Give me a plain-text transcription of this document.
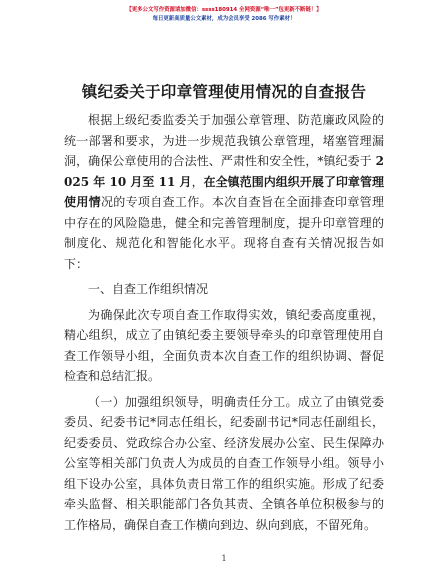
【更多公文写作资源请加微信：ssss180914 全网资源“唯一”包更新不断链！】
每日更新高质量公文素材，成为会员享受 2086 写作素材！
镇纪委关于印章管理使用情况的自查报告

根据上级纪委监委关于加强公章管理、防范廉政风险的统一部署和要求，为进一步规范我镇公章管理，堵塞管理漏洞，确保公章使用的合法性、严肃性和安全性，*镇纪委于 2025 年 10 月至 11 月，在全镇范围内组织开展了印章管理使用情况的专项自查工作。本次自查旨在全面排查印章管理中存在的风险隐患，健全和完善管理制度，提升印章管理的制度化、规范化和智能化水平。现将自查有关情况报告如下：

一、自查工作组织情况

为确保此次专项自查工作取得实效，镇纪委高度重视，精心组织，成立了由镇纪委主要领导牵头的印章管理使用自查工作领导小组，全面负责本次自查工作的组织协调、督促检查和总结汇报。

（一）加强组织领导，明确责任分工。成立了由镇党委委员、纪委书记*同志任组长，纪委副书记*同志任副组长，纪委委员、党政综合办公室、经济发展办公室、民生保障办公室等相关部门负责人为成员的自查工作领导小组。领导小组下设办公室，具体负责日常工作的组织实施。形成了纪委牵头监督、相关职能部门各负其责、全镇各单位积极参与的工作格局，确保自查工作横向到边、纵向到底，不留死角。

1
